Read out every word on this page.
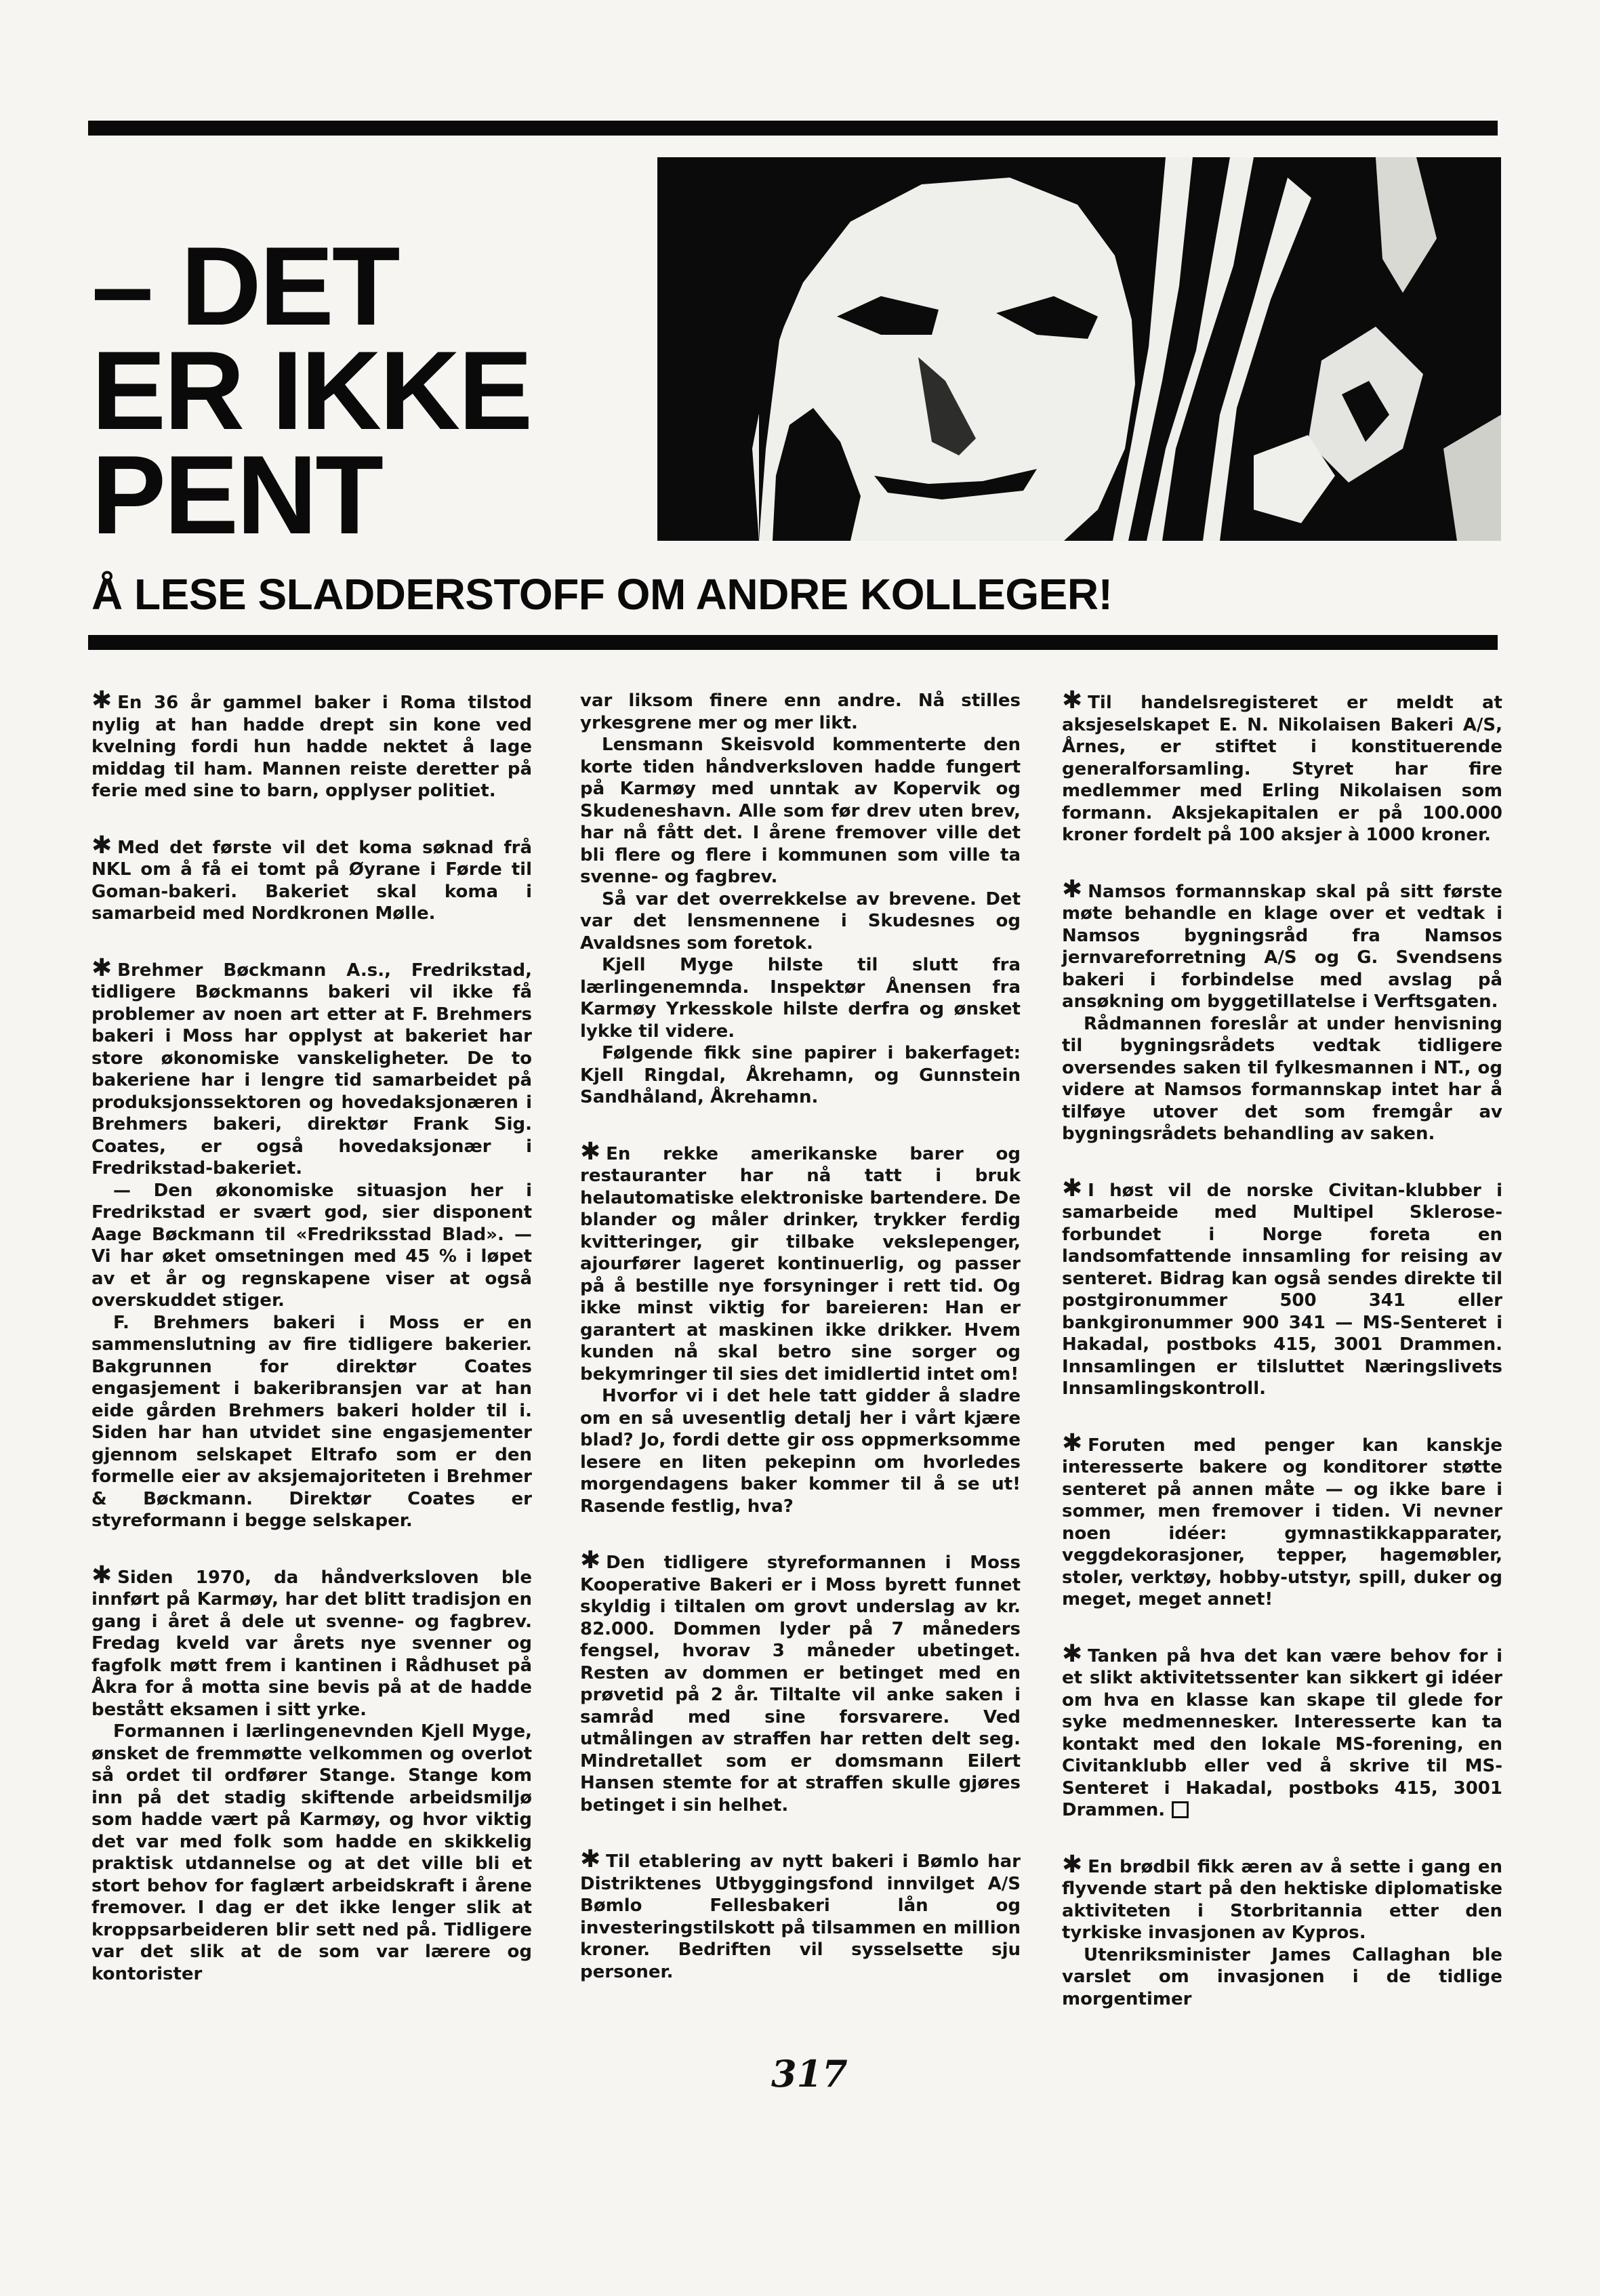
– DET
ER IKKE
PENT
Å LESE SLADDERSTOFF OM ANDRE KOLLEGER!

✱ En 36 år gammel baker i Roma tilstod nylig at han hadde drept sin kone ved kvelning fordi hun hadde nektet å lage middag til ham. Mannen reiste deretter på ferie med sine to barn, opplyser politiet.

✱ Med det første vil det koma søknad frå NKL om å få ei tomt på Øyrane i Førde til Goman-bakeri. Bakeriet skal koma i samarbeid med Nordkronen Mølle.

✱ Brehmer Bøckmann A.s., Fredrikstad, tidligere Bøckmanns bakeri vil ikke få problemer av noen art etter at F. Brehmers bakeri i Moss har opplyst at bakeriet har store økonomiske vanskeligheter. De to bakeriene har i lengre tid samarbeidet på produksjonssektoren og hovedaksjonæren i Brehmers bakeri, direktør Frank Sig. Coates, er også hovedaksjonær i Fredrikstad-bakeriet.

— Den økonomiske situasjon her i Fredrikstad er svært god, sier disponent Aage Bøckmann til «Fredriksstad Blad». — Vi har øket omsetningen med 45 % i løpet av et år og regnskapene viser at også overskuddet stiger.

F. Brehmers bakeri i Moss er en sammenslutning av fire tidligere bakerier. Bakgrunnen for direktør Coates engasjement i bakeribransjen var at han eide gården Brehmers bakeri holder til i. Siden har han utvidet sine engasjementer gjennom selskapet Eltrafo som er den formelle eier av aksjemajoriteten i Brehmer & Bøckmann. Direktør Coates er styreformann i begge selskaper.

✱ Siden 1970, da håndverksloven ble innført på Karmøy, har det blitt tradisjon en gang i året å dele ut svenne- og fagbrev. Fredag kveld var årets nye svenner og fagfolk møtt frem i kantinen i Rådhuset på Åkra for å motta sine bevis på at de hadde bestått eksamen i sitt yrke.

Formannen i lærlingenevnden Kjell Myge, ønsket de fremmøtte velkommen og overlot så ordet til ordfører Stange. Stange kom inn på det stadig skiftende arbeidsmiljø som hadde vært på Karmøy, og hvor viktig det var med folk som hadde en skikkelig praktisk utdannelse og at det ville bli et stort behov for faglært arbeidskraft i årene fremover. I dag er det ikke lenger slik at kroppsarbeideren blir sett ned på. Tidligere var det slik at de som var lærere og kontorister

var liksom finere enn andre. Nå stilles yrkesgrene mer og mer likt.

Lensmann Skeisvold kommenterte den korte tiden håndverksloven hadde fungert på Karmøy med unntak av Kopervik og Skudeneshavn. Alle som før drev uten brev, har nå fått det. I årene fremover ville det bli flere og flere i kommunen som ville ta svenne- og fagbrev.

Så var det overrekkelse av brevene. Det var det lensmennene i Skudesnes og Avaldsnes som foretok.

Kjell Myge hilste til slutt fra lærlingenemnda. Inspektør Ånensen fra Karmøy Yrkesskole hilste derfra og ønsket lykke til videre.

Følgende fikk sine papirer i bakerfaget: Kjell Ringdal, Åkrehamn, og Gunnstein Sandhåland, Åkrehamn.

✱ En rekke amerikanske barer og restauranter har nå tatt i bruk helautomatiske elektroniske bartendere. De blander og måler drinker, trykker ferdig kvitteringer, gir tilbake vekslepenger, ajourfører lageret kontinuerlig, og passer på å bestille nye forsyninger i rett tid. Og ikke minst viktig for bareieren: Han er garantert at maskinen ikke drikker. Hvem kunden nå skal betro sine sorger og bekymringer til sies det imidlertid intet om!

Hvorfor vi i det hele tatt gidder å sladre om en så uvesentlig detalj her i vårt kjære blad? Jo, fordi dette gir oss oppmerksomme lesere en liten pekepinn om hvorledes morgendagens baker kommer til å se ut! Rasende festlig, hva?

✱ Den tidligere styreformannen i Moss Kooperative Bakeri er i Moss byrett funnet skyldig i tiltalen om grovt underslag av kr. 82.000. Dommen lyder på 7 måneders fengsel, hvorav 3 måneder ubetinget. Resten av dommen er betinget med en prøvetid på 2 år. Tiltalte vil anke saken i samråd med sine forsvarere. Ved utmålingen av straffen har retten delt seg. Mindretallet som er domsmann Eilert Hansen stemte for at straffen skulle gjøres betinget i sin helhet.

✱ Til etablering av nytt bakeri i Bømlo har Distriktenes Utbyggingsfond innvilget A/S Bømlo Fellesbakeri lån og investeringstilskott på tilsammen en million kroner. Bedriften vil sysselsette sju personer.

✱ Til handelsregisteret er meldt at aksjeselskapet E. N. Nikolaisen Bakeri A/S, Årnes, er stiftet i konstituerende generalforsamling. Styret har fire medlemmer med Erling Nikolaisen som formann. Aksjekapitalen er på 100.000 kroner fordelt på 100 aksjer à 1000 kroner.

✱ Namsos formannskap skal på sitt første møte behandle en klage over et vedtak i Namsos bygningsråd fra Namsos jernvareforretning A/S og G. Svendsens bakeri i forbindelse med avslag på ansøkning om byggetillatelse i Verftsgaten.

Rådmannen foreslår at under henvisning til bygningsrådets vedtak tidligere oversendes saken til fylkesmannen i NT., og videre at Namsos formannskap intet har å tilføye utover det som fremgår av bygningsrådets behandling av saken.

✱ I høst vil de norske Civitan-klubber i samarbeide med Multipel Sklerose-forbundet i Norge foreta en landsomfattende innsamling for reising av senteret. Bidrag kan også sendes direkte til postgironummer 500 341 eller bankgironummer 900 341 — MS-Senteret i Hakadal, postboks 415, 3001 Drammen. Innsamlingen er tilsluttet Næringslivets Innsamlingskontroll.

✱ Foruten med penger kan kanskje interesserte bakere og konditorer støtte senteret på annen måte — og ikke bare i sommer, men fremover i tiden. Vi nevner noen idéer: gymnastikkapparater, veggdekorasjoner, tepper, hagemøbler, stoler, verktøy, hobby-utstyr, spill, duker og meget, meget annet!

✱ Tanken på hva det kan være behov for i et slikt aktivitetssenter kan sikkert gi idéer om hva en klasse kan skape til glede for syke medmennesker. Interesserte kan ta kontakt med den lokale MS-forening, en Civitanklubb eller ved å skrive til MS-Senteret i Hakadal, postboks 415, 3001 Drammen.

✱ En brødbil fikk æren av å sette i gang en flyvende start på den hektiske diplomatiske aktiviteten i Storbritannia etter den tyrkiske invasjonen av Kypros.

Utenriksminister James Callaghan ble varslet om invasjonen i de tidlige morgentimer

317
